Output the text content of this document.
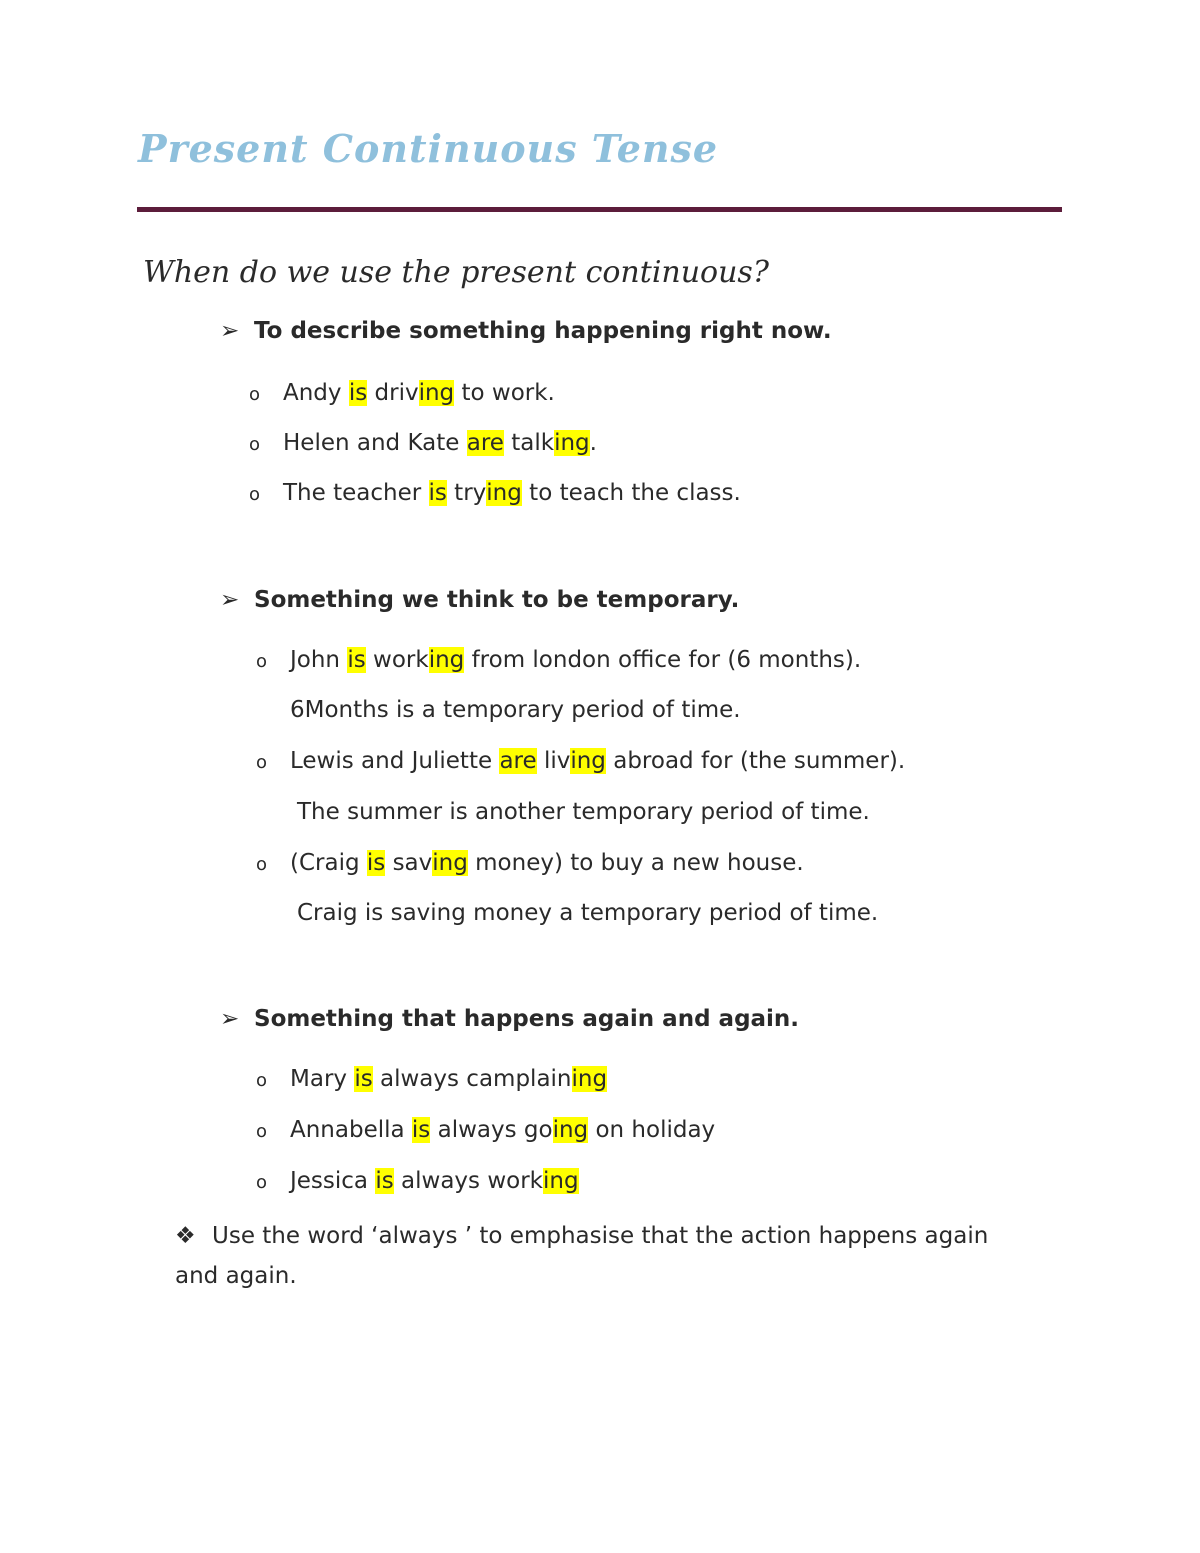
Present Continuous Tense
When do we use the present continuous?
➢ To describe something happening right now.
o Andy is driving to work.
o Helen and Kate are talking.
o The teacher is trying to teach the class.
➢ Something we think to be temporary.
o John is working from london office for (6 months).
6Months is a temporary period of time.
o Lewis and Juliette are living abroad for (the summer).
The summer is another temporary period of time.
o (Craig is saving money) to buy a new house.
Craig is saving money a temporary period of time.
➢ Something that happens again and again.
o Mary is always camplaining
o Annabella is always going on holiday
o Jessica is always working
❖ Use the word ‘always ’ to emphasise that the action happens again and again.
